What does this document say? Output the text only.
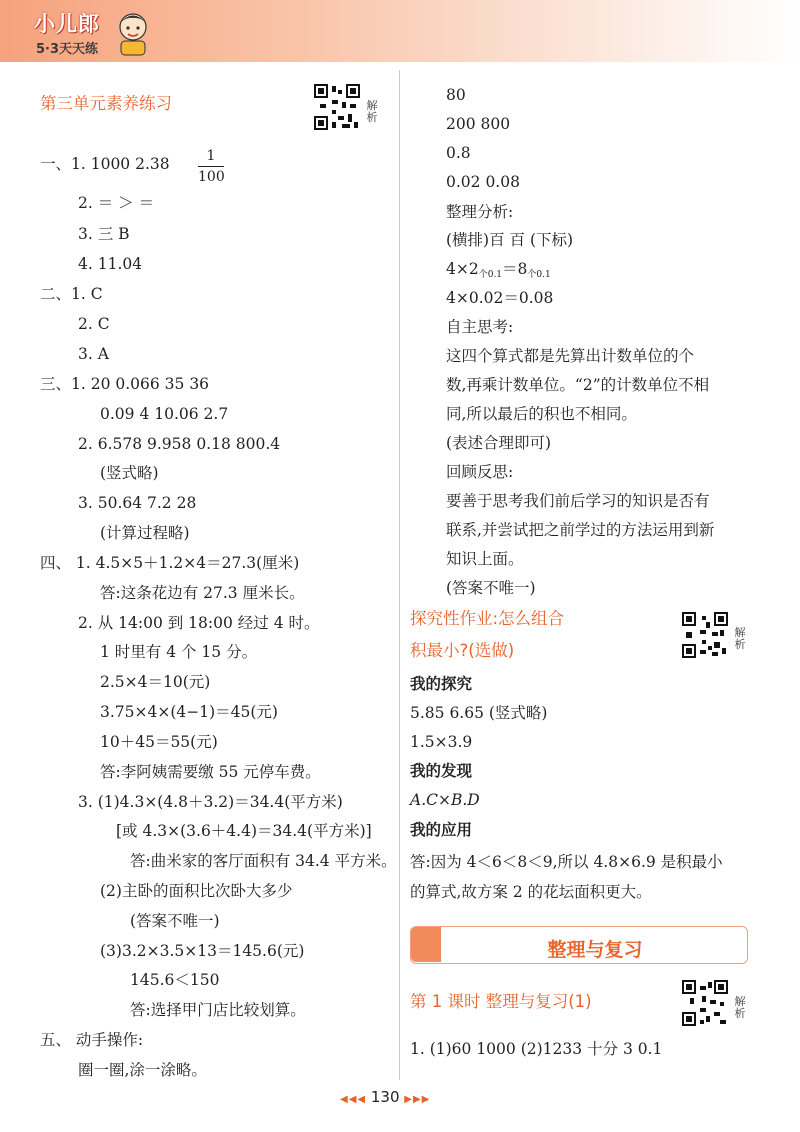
小儿郎
5·3天天练
第三单元素养练习	解析
一、1. 1000 2.38	1
100
2. ＝ ＞ ＝
3. 三 B
4. 11.04
二、1. C
2. C
3. A
三、1. 20 0.066 35 36
0.09 4 10.06 2.7
2. 6.578 9.958 0.18 800.4
(竖式略)
3. 50.64 7.2 28
(计算过程略)
四、 1. 4.5×5＋1.2×4＝27.3(厘米)
答:这条花边有 27.3 厘米长。
2. 从 14:00 到 18:00 经过 4 时。
1 时里有 4 个 15 分。
2.5×4＝10(元)
3.75×4×(4−1)＝45(元)
10＋45＝55(元)
答:李阿姨需要缴 55 元停车费。
3. (1)4.3×(4.8＋3.2)＝34.4(平方米)
[或 4.3×(3.6＋4.4)＝34.4(平方米)]
答:曲米家的客厅面积有 34.4 平方米。
(2)主卧的面积比次卧大多少
(答案不唯一)
(3)3.2×3.5×13＝145.6(元)
145.6＜150
答:选择甲门店比较划算。
五、 动手操作:
圈一圈,涂一涂略。
80
200 800
0.8
0.02 0.08
整理分析:
(横排)百 百 (下标)
$4\times 2_{个0.1}=8_{个0.1}$
4×0.02＝0.08
自主思考:
这四个算式都是先算出计数单位的个
数,再乘计数单位。“2”的计数单位不相
同,所以最后的积也不相同。
(表述合理即可)
回顾反思:
要善于思考我们前后学习的知识是否有
联系,并尝试把之前学过的方法运用到新
知识上面。
(答案不唯一)
探究性作业:怎么组合
积最小?(选做)
解析
我的探究
5.85 6.65 (竖式略)
1.5×3.9
我的发现
A.C×B.D
我的应用
答:因为 4＜6＜8＜9,所以 4.8×6.9 是积最小
的算式,故方案 2 的花坛面积更大。
整理与复习
第 1 课时 整理与复习(1)	解析
1. (1)60 1000 (2)1233 十分 3 0.1
◀◀◀ 130 ▶▶▶
